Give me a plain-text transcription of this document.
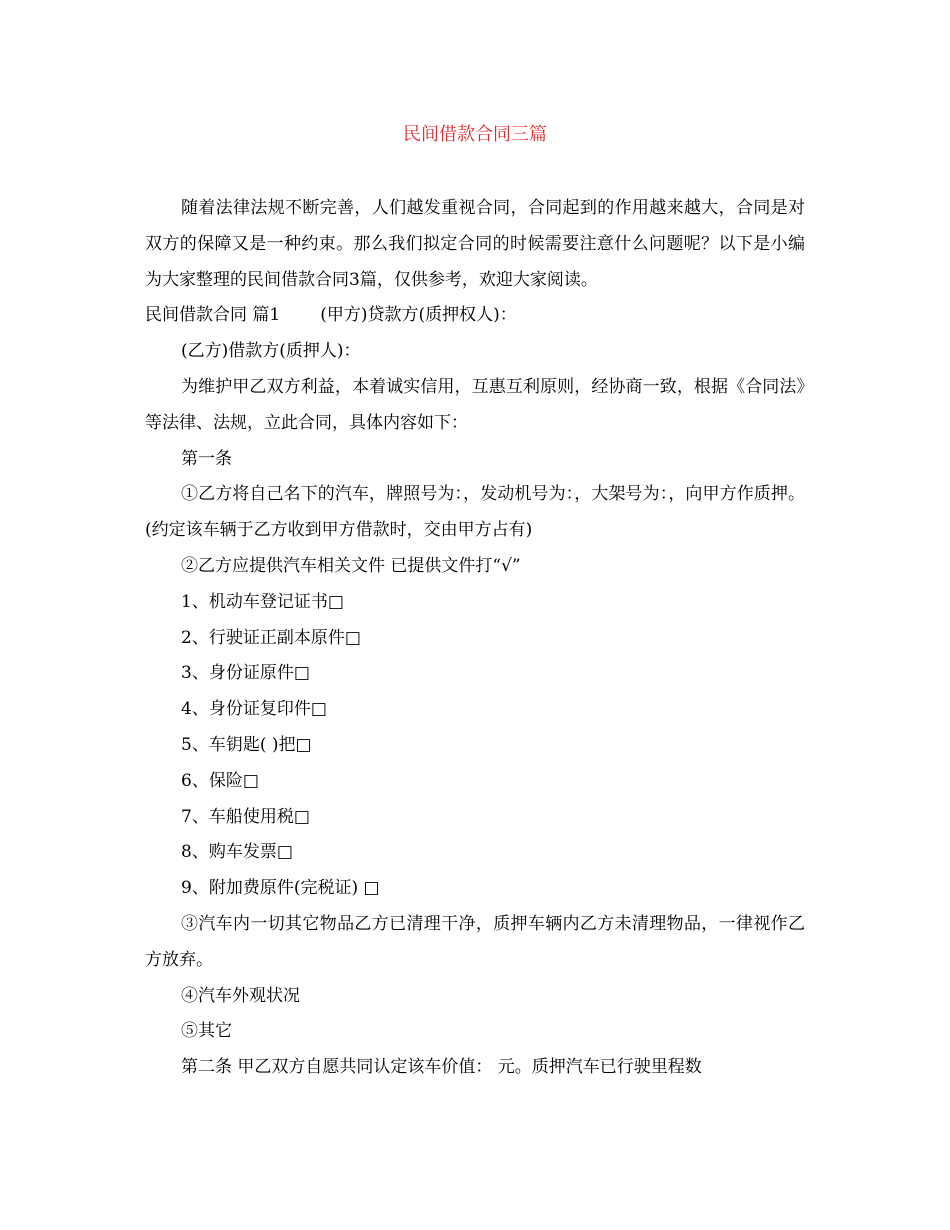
民间借款合同三篇

随着法律法规不断完善，人们越发重视合同，合同起到的作用越来越大，合同是对双方的保障又是一种约束。那么我们拟定合同的时候需要注意什么问题呢？以下是小编为大家整理的民间借款合同3篇，仅供参考，欢迎大家阅读。

民间借款合同 篇1 (甲方)贷款方(质押权人)：

(乙方)借款方(质押人)：

为维护甲乙双方利益，本着诚实信用，互惠互利原则，经协商一致，根据《合同法》等法律、法规，立此合同，具体内容如下：

第一条

①乙方将自己名下的汽车，牌照号为：，发动机号为：，大架号为：，向甲方作质押。(约定该车辆于乙方收到甲方借款时，交由甲方占有)

②乙方应提供汽车相关文件 已提供文件打“√”

1、机动车登记证书□

2、行驶证正副本原件□

3、身份证原件□

4、身份证复印件□

5、车钥匙( )把□

6、保险□

7、车船使用税□

8、购车发票□

9、附加费原件(完税证) □

③汽车内一切其它物品乙方已清理干净，质押车辆内乙方未清理物品，一律视作乙方放弃。

④汽车外观状况

⑤其它

第二条 甲乙双方自愿共同认定该车价值： 元。质押汽车已行驶里程数
